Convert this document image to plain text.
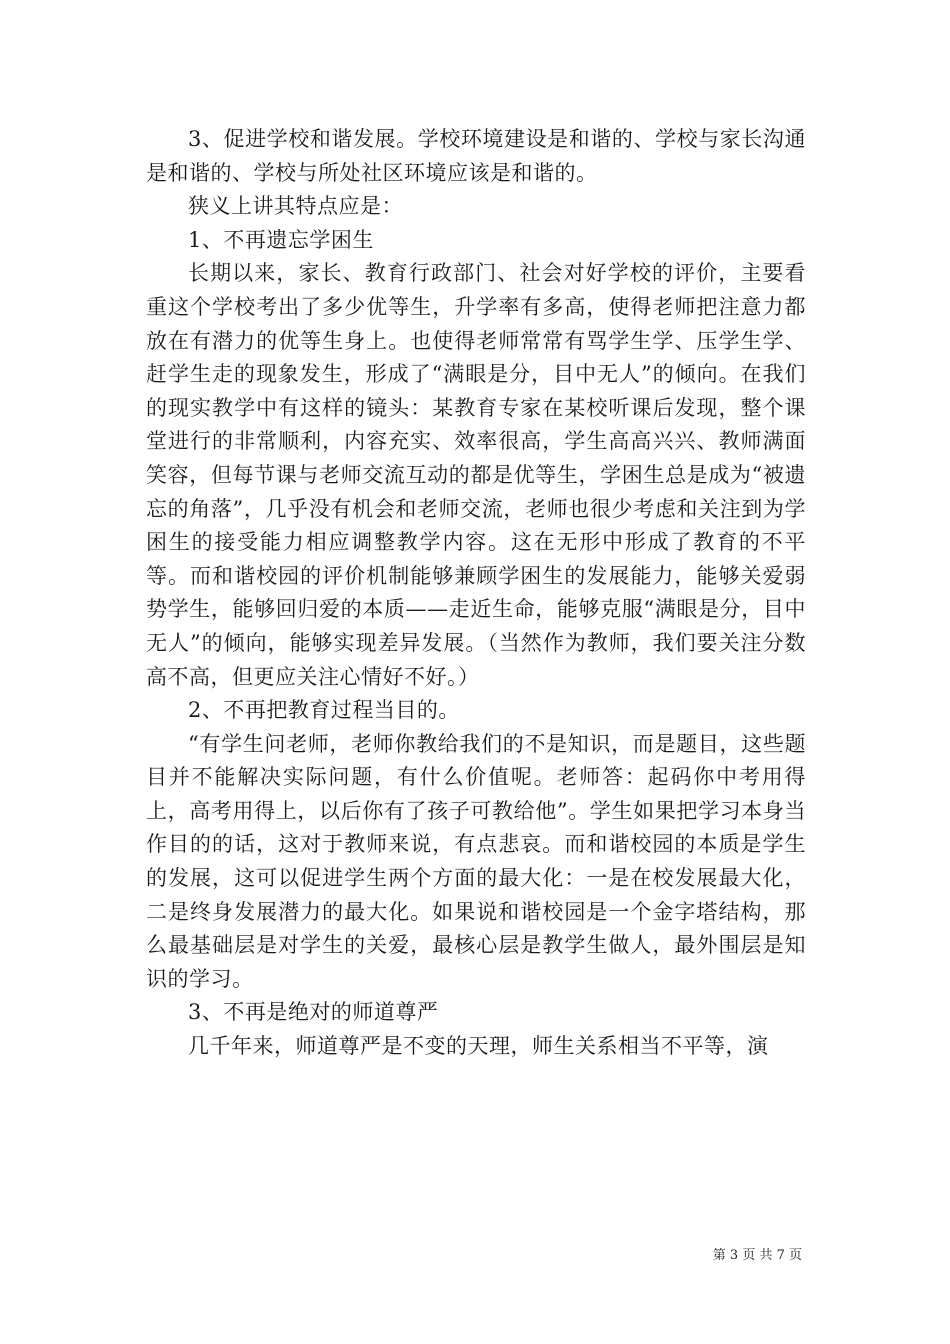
3、促进学校和谐发展。学校环境建设是和谐的、学校与家长沟通是和谐的、学校与所处社区环境应该是和谐的。

狭义上讲其特点应是：

1、不再遗忘学困生

长期以来，家长、教育行政部门、社会对好学校的评价，主要看重这个学校考出了多少优等生，升学率有多高，使得老师把注意力都放在有潜力的优等生身上。也使得老师常常有骂学生学、压学生学、赶学生走的现象发生，形成了“满眼是分，目中无人”的倾向。在我们的现实教学中有这样的镜头：某教育专家在某校听课后发现，整个课堂进行的非常顺利，内容充实、效率很高，学生高高兴兴、教师满面笑容，但每节课与老师交流互动的都是优等生，学困生总是成为“被遗忘的角落”，几乎没有机会和老师交流，老师也很少考虑和关注到为学困生的接受能力相应调整教学内容。这在无形中形成了教育的不平等。而和谐校园的评价机制能够兼顾学困生的发展能力，能够关爱弱势学生，能够回归爱的本质——走近生命，能够克服“满眼是分，目中无人”的倾向，能够实现差异发展。（当然作为教师，我们要关注分数高不高，但更应关注心情好不好。）

2、不再把教育过程当目的。

“有学生问老师，老师你教给我们的不是知识，而是题目，这些题目并不能解决实际问题，有什么价值呢。老师答：起码你中考用得上，高考用得上，以后你有了孩子可教给他”。学生如果把学习本身当作目的的话，这对于教师来说，有点悲哀。而和谐校园的本质是学生的发展，这可以促进学生两个方面的最大化：一是在校发展最大化，二是终身发展潜力的最大化。如果说和谐校园是一个金字塔结构，那么最基础层是对学生的关爱，最核心层是教学生做人，最外围层是知识的学习。

3、不再是绝对的师道尊严

几千年来，师道尊严是不变的天理，师生关系相当不平等，演

第 3 页 共 7 页
